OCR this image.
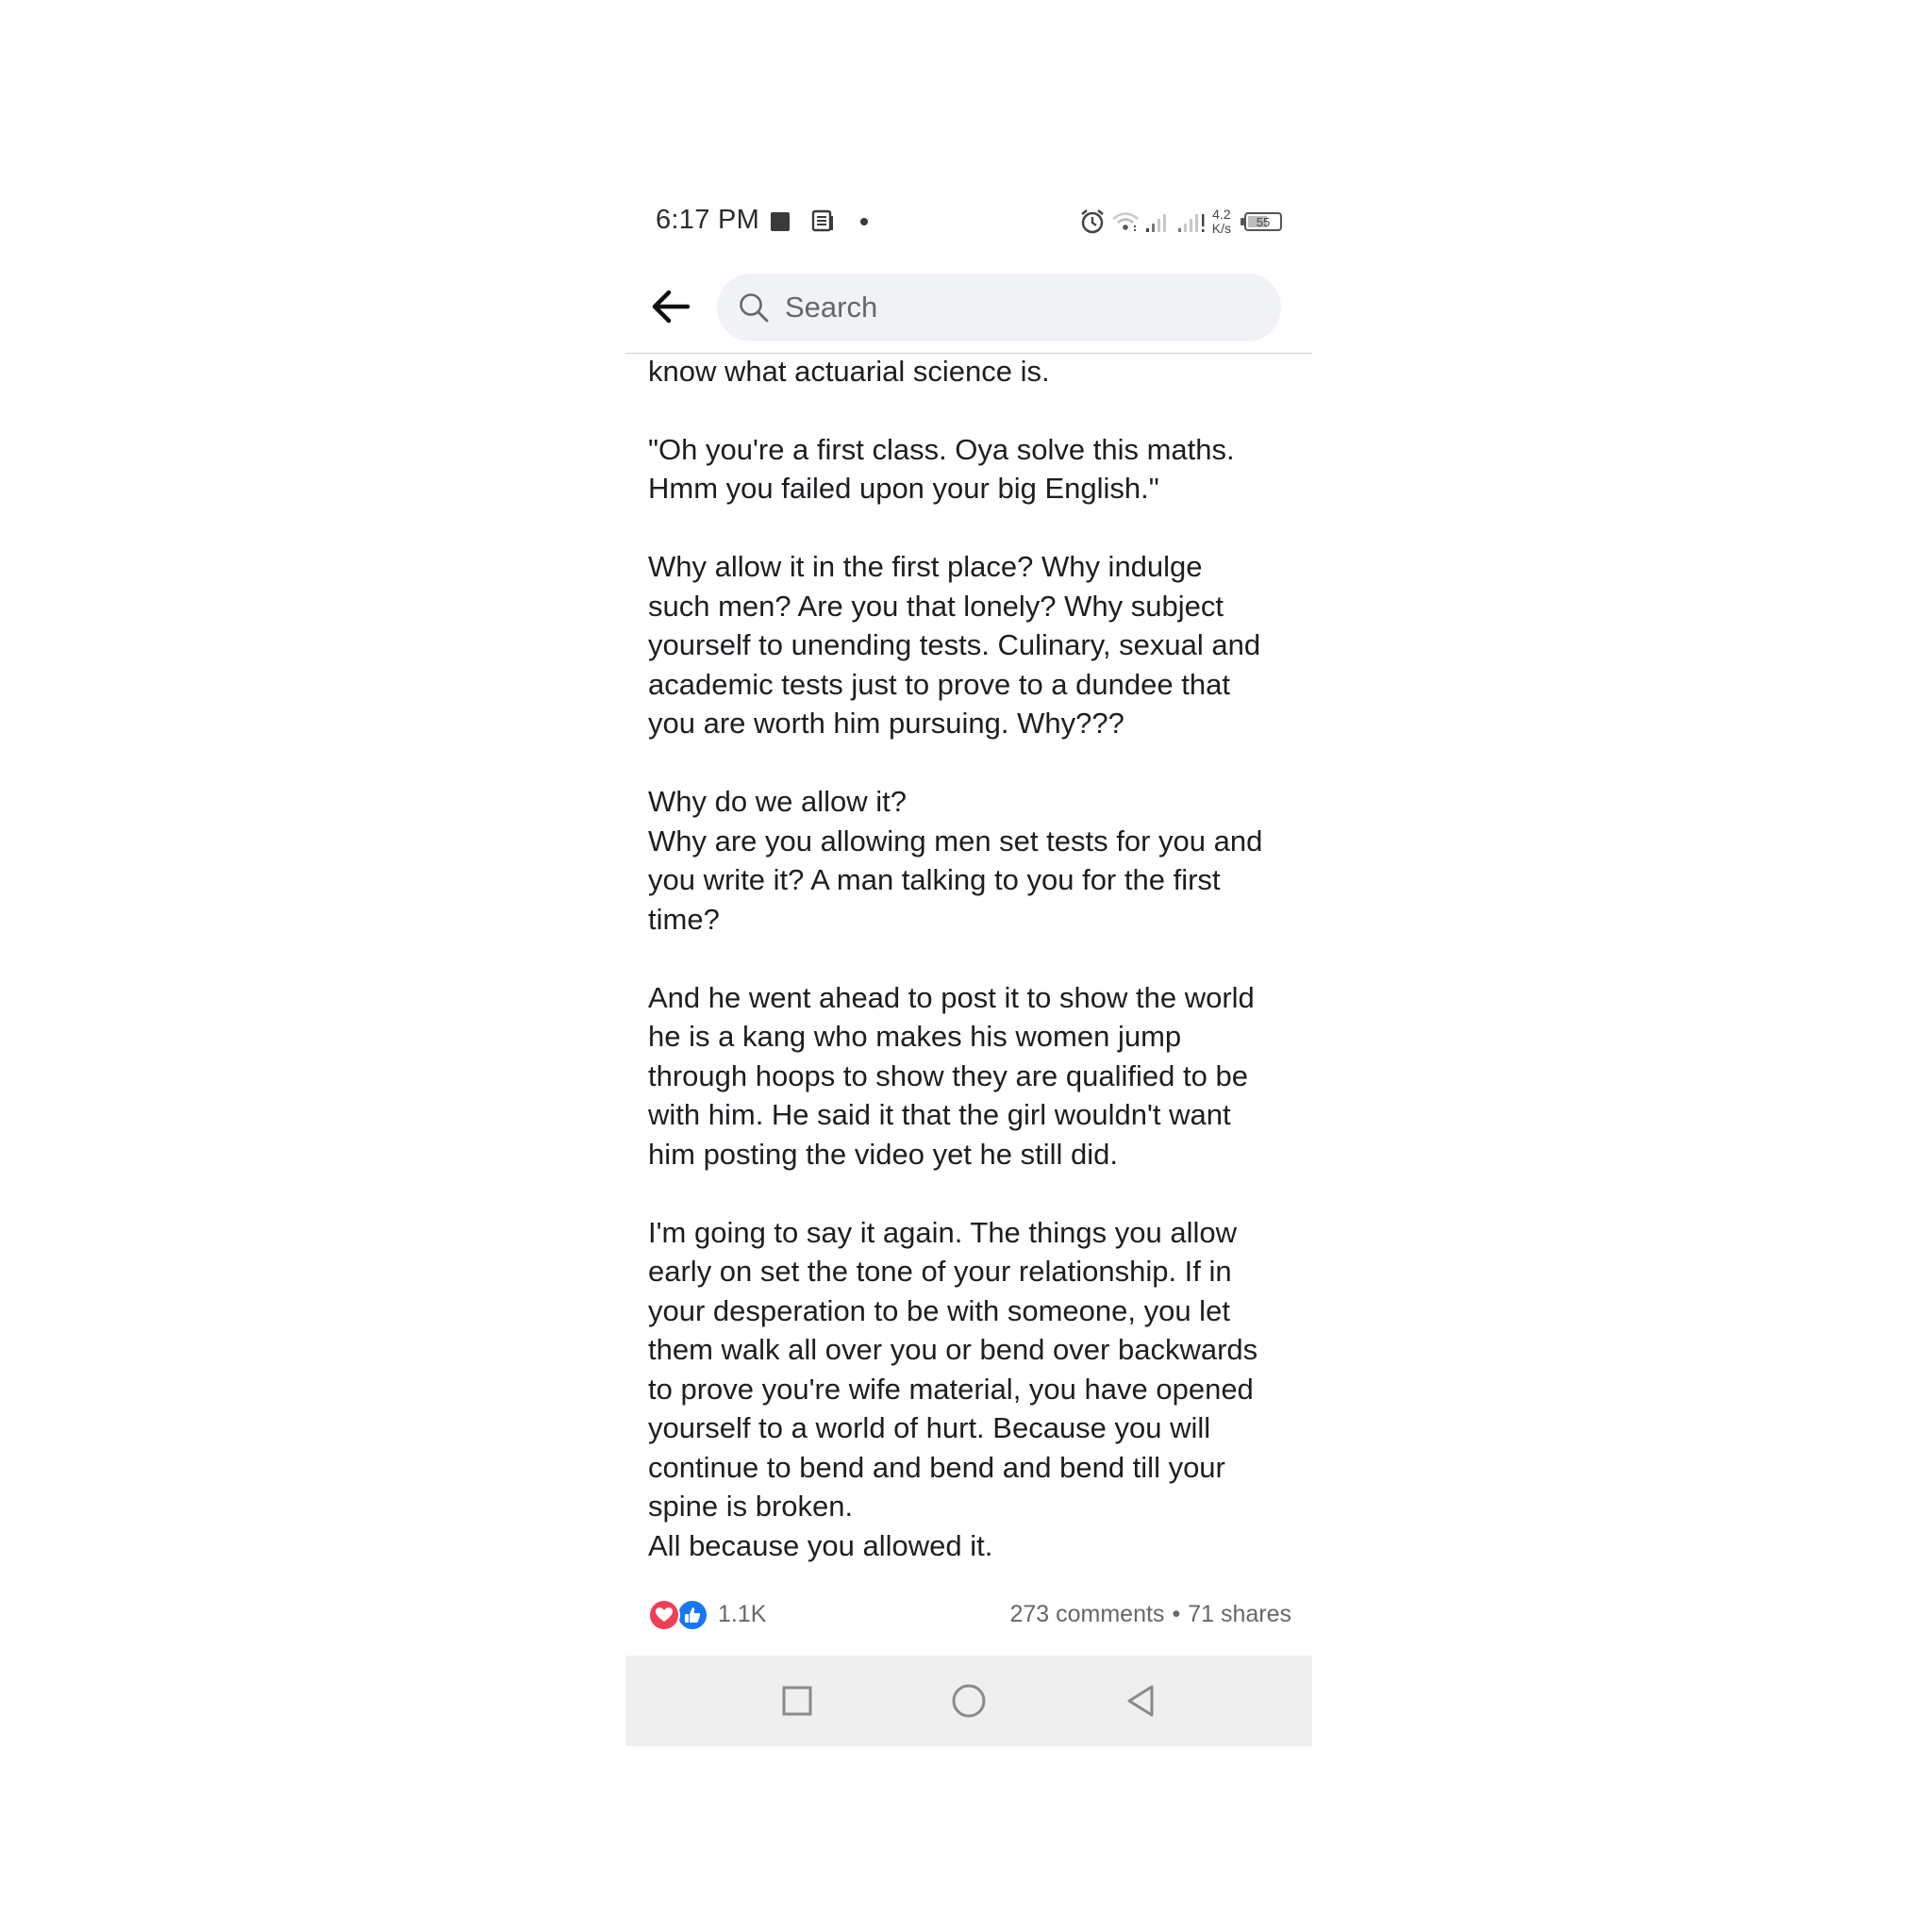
6:17 PM	4.2
K/s 55
Search

know what actuarial science is.

"Oh you're a first class. Oya solve this maths.
Hmm you failed upon your big English."

Why allow it in the first place? Why indulge
such men? Are you that lonely? Why subject
yourself to unending tests. Culinary, sexual and
academic tests just to prove to a dundee that
you are worth him pursuing. Why???

Why do we allow it?
Why are you allowing men set tests for you and
you write it? A man talking to you for the first
time?

And he went ahead to post it to show the world
he is a kang who makes his women jump
through hoops to show they are qualified to be
with him. He said it that the girl wouldn't want
him posting the video yet he still did.

I'm going to say it again. The things you allow
early on set the tone of your relationship. If in
your desperation to be with someone, you let
them walk all over you or bend over backwards
to prove you're wife material, you have opened
yourself to a world of hurt. Because you will
continue to bend and bend and bend till your
spine is broken.
All because you allowed it.

1.1K	273 comments • 71 shares
